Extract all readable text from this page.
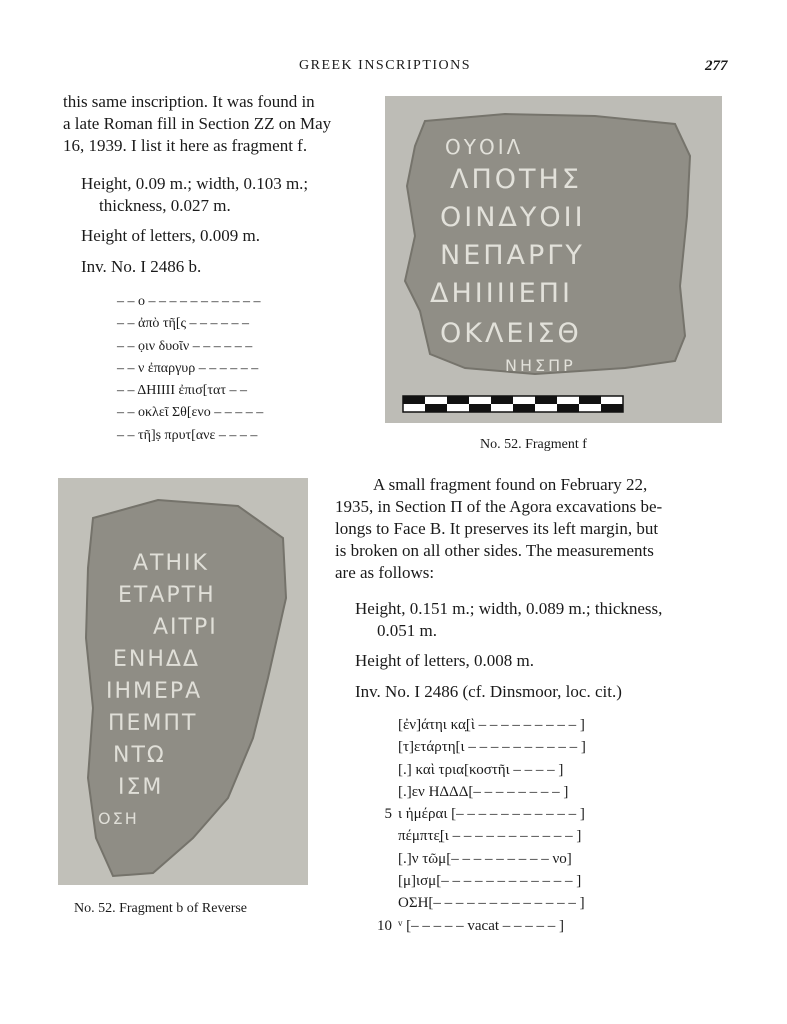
GREEK INSCRIPTIONS	277
this same inscription. It was found in
a late Roman fill in Section ZZ on May
16, 1939. I list it here as fragment f.
Height, 0.09 m.; width, 0.103 m.;
thickness, 0.027 m.
Height of letters, 0.009 m.
Inv. No. I 2486 b.
– – ο – – – – – – – – – – –
– – ἀπὸ τῆ[ς – – – – – –
– – ọιν δυοῖν – – – – – –
– – ν ἐπαργυρ – – – – – –
– – ΔΗΙΙΙΙ ἐπισ[τατ – –
– – οκλεῖ Σθ[ενο – – – – –
– – τῆ]ṣ πρυτ[ανε – – – –
ΟΥΟΙΛ
ΛΠΟΤΗΣ
ΟΙΝΔΥΟΙΙ
ΝΕΠΑΡΓΥ
ΔΗΙΙΙΙΕΠΙ
ΟΚΛΕΙΣΘ
ΝΗΣΠΡ
No. 52. Fragment f
ΑΤΗΙΚ
ΕΤΑΡΤΗ
ΑΙΤΡΙ
ΕΝΗΔΔ
ΙΗΜΕΡΑ
ΠΕΜΠΤ
ΝΤΩ
ΙΣΜ
ΟΣΗ
No. 52. Fragment b of Reverse
A small fragment found on February 22,
1935, in Section Π of the Agora excavations be-
longs to Face B. It preserves its left margin, but
is broken on all other sides. The measurements
are as follows:
Height, 0.151 m.; width, 0.089 m.; thickness,
0.051 m.
Height of letters, 0.008 m.
Inv. No. I 2486 (cf. Dinsmoor, loc. cit.)
[ἐν]άτηι κα̣[ὶ – – – – – – – – – ]
[τ]ετάρτη[ι – – – – – – – – – – ]
[.] καὶ τρια[κοστῆι – – – – ]
[.]εν ΗΔΔΔ[– – – – – – – – ]
5 ι ἡμέραι [– – – – – – – – – – – ]
πέμπτε̣[ι – – – – – – – – – – – ]
[.]ν τῶμ[– – – – – – – – – νο]
[μ]ισμ[– – – – – – – – – – – – ]
ΟΣΗ[– – – – – – – – – – – – – ]
10 ᵛ [– – – – – vacat – – – – – ]
